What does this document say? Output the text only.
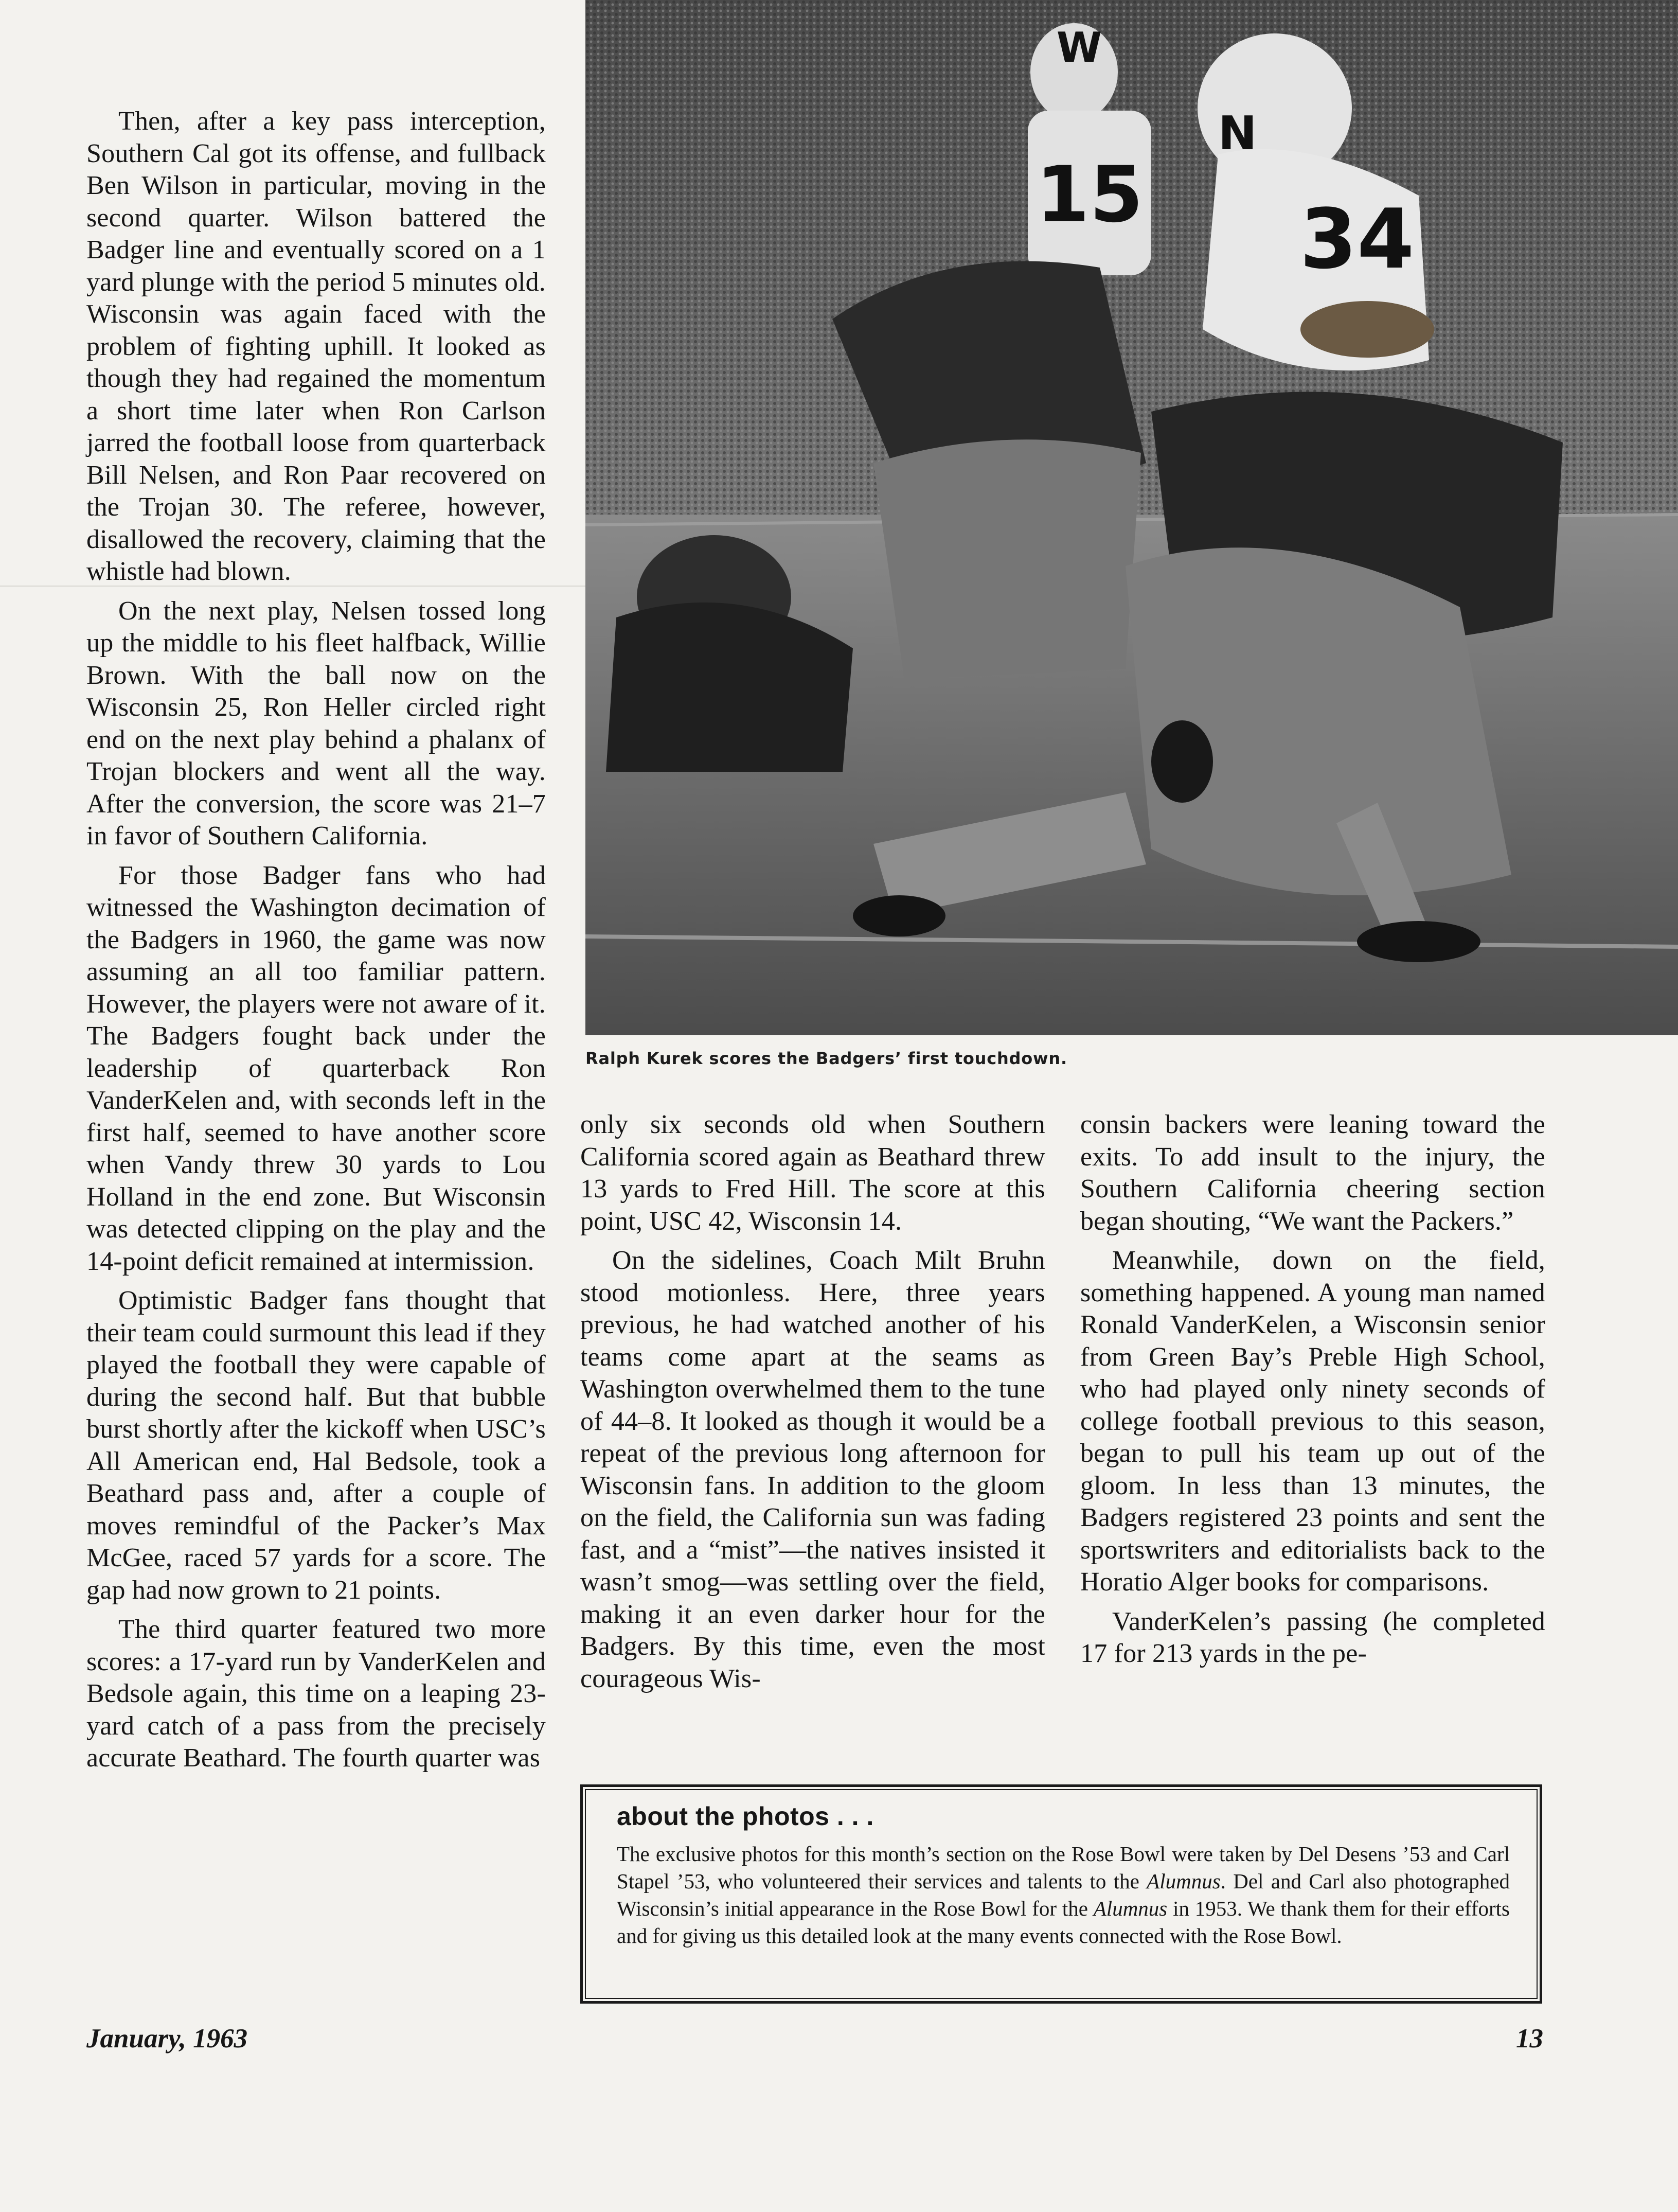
15
W
34
N
Ralph Kurek scores the Badgers’ first touchdown.

Then, after a key pass interception, Southern Cal got its offense, and fullback Ben Wilson in particular, moving in the second quarter. Wilson battered the Badger line and eventually scored on a 1 yard plunge with the period 5 minutes old. Wisconsin was again faced with the problem of fighting uphill. It looked as though they had regained the momentum a short time later when Ron Carlson jarred the football loose from quarterback Bill Nelsen, and Ron Paar recovered on the Trojan 30. The referee, however, disallowed the recovery, claiming that the whistle had blown.

On the next play, Nelsen tossed long up the middle to his fleet halfback, Willie Brown. With the ball now on the Wisconsin 25, Ron Heller circled right end on the next play behind a phalanx of Trojan blockers and went all the way. After the conversion, the score was 21–7 in favor of Southern California.

For those Badger fans who had witnessed the Washington decimation of the Badgers in 1960, the game was now assuming an all too familiar pattern. However, the players were not aware of it. The Badgers fought back under the leadership of quarterback Ron VanderKelen and, with seconds left in the first half, seemed to have another score when Vandy threw 30 yards to Lou Holland in the end zone. But Wisconsin was detected clipping on the play and the 14-point deficit remained at intermission.

Optimistic Badger fans thought that their team could surmount this lead if they played the football they were capable of during the second half. But that bubble burst shortly after the kickoff when USC’s All American end, Hal Bedsole, took a Beathard pass and, after a couple of moves remindful of the Packer’s Max McGee, raced 57 yards for a score. The gap had now grown to 21 points.

The third quarter featured two more scores: a 17-yard run by VanderKelen and Bedsole again, this time on a leaping 23-yard catch of a pass from the precisely accurate Beathard. The fourth quarter was

only six seconds old when Southern California scored again as Beathard threw 13 yards to Fred Hill. The score at this point, USC 42, Wisconsin 14.

On the sidelines, Coach Milt Bruhn stood motionless. Here, three years previous, he had watched another of his teams come apart at the seams as Washington overwhelmed them to the tune of 44–8. It looked as though it would be a repeat of the previous long afternoon for Wisconsin fans. In addition to the gloom on the field, the California sun was fading fast, and a “mist”—the natives insisted it wasn’t smog—was settling over the field, making it an even darker hour for the Badgers. By this time, even the most courageous Wis-

consin backers were leaning toward the exits. To add insult to the injury, the Southern California cheering section began shouting, “We want the Packers.”

Meanwhile, down on the field, something happened. A young man named Ronald VanderKelen, a Wisconsin senior from Green Bay’s Preble High School, who had played only ninety seconds of college football previous to this season, began to pull his team up out of the gloom. In less than 13 minutes, the Badgers registered 23 points and sent the sportswriters and editorialists back to the Horatio Alger books for comparisons.

VanderKelen’s passing (he completed 17 for 213 yards in the pe-

about the photos . . .

The exclusive photos for this month’s section on the Rose Bowl were taken by Del Desens ’53 and Carl Stapel ’53, who volunteered their services and talents to the Alumnus. Del and Carl also photographed Wisconsin’s initial appearance in the Rose Bowl for the Alumnus in 1953. We thank them for their efforts and for giving us this detailed look at the many events connected with the Rose Bowl.

January, 1963	13
